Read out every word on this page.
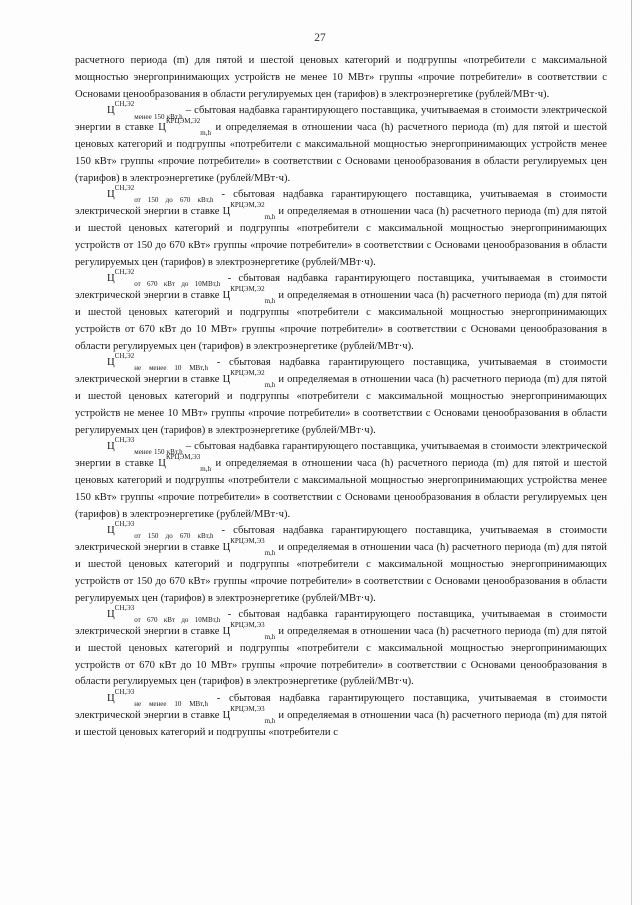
27

расчетного периода (m) для пятой и шестой ценовых категорий и подгруппы «потребители с максимальной мощностью энергопринимающих устройств не менее 10 МВт» группы «прочие потребители» в соответствии с Основами ценообразования в области регулируемых цен (тарифов) в электроэнергетике (рублей/МВт·ч).

$Ц^{СН,Э2}_{менее 150 кВт,h}$ – сбытовая надбавка гарантирующего поставщика, учитываемая в стоимости электрической энергии в ставке $Ц^{КРЦЭМ,Э2}_{m,h}$ и определяемая в отношении часа (h) расчетного периода (m) для пятой и шестой ценовых категорий и подгруппы «потребители с максимальной мощностью энергопринимающих устройств менее 150 кВт» группы «прочие потребители» в соответствии с Основами ценообразования в области регулируемых цен (тарифов) в электроэнергетике (рублей/МВт·ч).

$Ц^{СН,Э2}_{от 150 до 670 кВт,h}$ - сбытовая надбавка гарантирующего поставщика, учитываемая в стоимости электрической энергии в ставке $Ц^{КРЦЭМ,Э2}_{m,h}$ и определяемая в отношении часа (h) расчетного периода (m) для пятой и шестой ценовых категорий и подгруппы «потребители с максимальной мощностью энергопринимающих устройств от 150 до 670 кВт» группы «прочие потребители» в соответствии с Основами ценообразования в области регулируемых цен (тарифов) в электроэнергетике (рублей/МВт·ч).

$Ц^{СН,Э2}_{от 670 кВт до 10МВт,h}$ - сбытовая надбавка гарантирующего поставщика, учитываемая в стоимости электрической энергии в ставке $Ц^{КРЦЭМ,Э2}_{m,h}$ и определяемая в отношении часа (h) расчетного периода (m) для пятой и шестой ценовых категорий и подгруппы «потребители с максимальной мощностью энергопринимающих устройств от 670 кВт до 10 МВт» группы «прочие потребители» в соответствии с Основами ценообразования в области регулируемых цен (тарифов) в электроэнергетике (рублей/МВт·ч).

$Ц^{СН,Э2}_{не менее 10 МВт,h}$ - сбытовая надбавка гарантирующего поставщика, учитываемая в стоимости электрической энергии в ставке $Ц^{КРЦЭМ,Э2}_{m,h}$ и определяемая в отношении часа (h) расчетного периода (m) для пятой и шестой ценовых категорий и подгруппы «потребители с максимальной мощностью энергопринимающих устройств не менее 10 МВт» группы «прочие потребители» в соответствии с Основами ценообразования в области регулируемых цен (тарифов) в электроэнергетике (рублей/МВт·ч).

$Ц^{СН,Э3}_{менее 150 кВт,h}$ – сбытовая надбавка гарантирующего поставщика, учитываемая в стоимости электрической энергии в ставке $Ц^{КРЦЭМ,Э3}_{m,h}$ и определяемая в отношении часа (h) расчетного периода (m) для пятой и шестой ценовых категорий и подгруппы «потребители с максимальной мощностью энергопринимающих устройства менее 150 кВт» группы «прочие потребители» в соответствии с Основами ценообразования в области регулируемых цен (тарифов) в электроэнергетике (рублей/МВт·ч).

$Ц^{СН,Э3}_{от 150 до 670 кВт,h}$ - сбытовая надбавка гарантирующего поставщика, учитываемая в стоимости электрической энергии в ставке $Ц^{КРЦЭМ,Э3}_{m,h}$ и определяемая в отношении часа (h) расчетного периода (m) для пятой и шестой ценовых категорий и подгруппы «потребители с максимальной мощностью энергопринимающих устройств от 150 до 670 кВт» группы «прочие потребители» в соответствии с Основами ценообразования в области регулируемых цен (тарифов) в электроэнергетике (рублей/МВт·ч).

$Ц^{СН,Э3}_{от 670 кВт до 10МВт,h}$ - сбытовая надбавка гарантирующего поставщика, учитываемая в стоимости электрической энергии в ставке $Ц^{КРЦЭМ,Э3}_{m,h}$ и определяемая в отношении часа (h) расчетного периода (m) для пятой и шестой ценовых категорий и подгруппы «потребители с максимальной мощностью энергопринимающих устройств от 670 кВт до 10 МВт» группы «прочие потребители» в соответствии с Основами ценообразования в области регулируемых цен (тарифов) в электроэнергетике (рублей/МВт·ч).

$Ц^{СН,Э3}_{не менее 10 МВт,h}$ - сбытовая надбавка гарантирующего поставщика, учитываемая в стоимости электрической энергии в ставке $Ц^{КРЦЭМ,Э3}_{m,h}$ и определяемая в отношении часа (h) расчетного периода (m) для пятой и шестой ценовых категорий и подгруппы «потребители с
